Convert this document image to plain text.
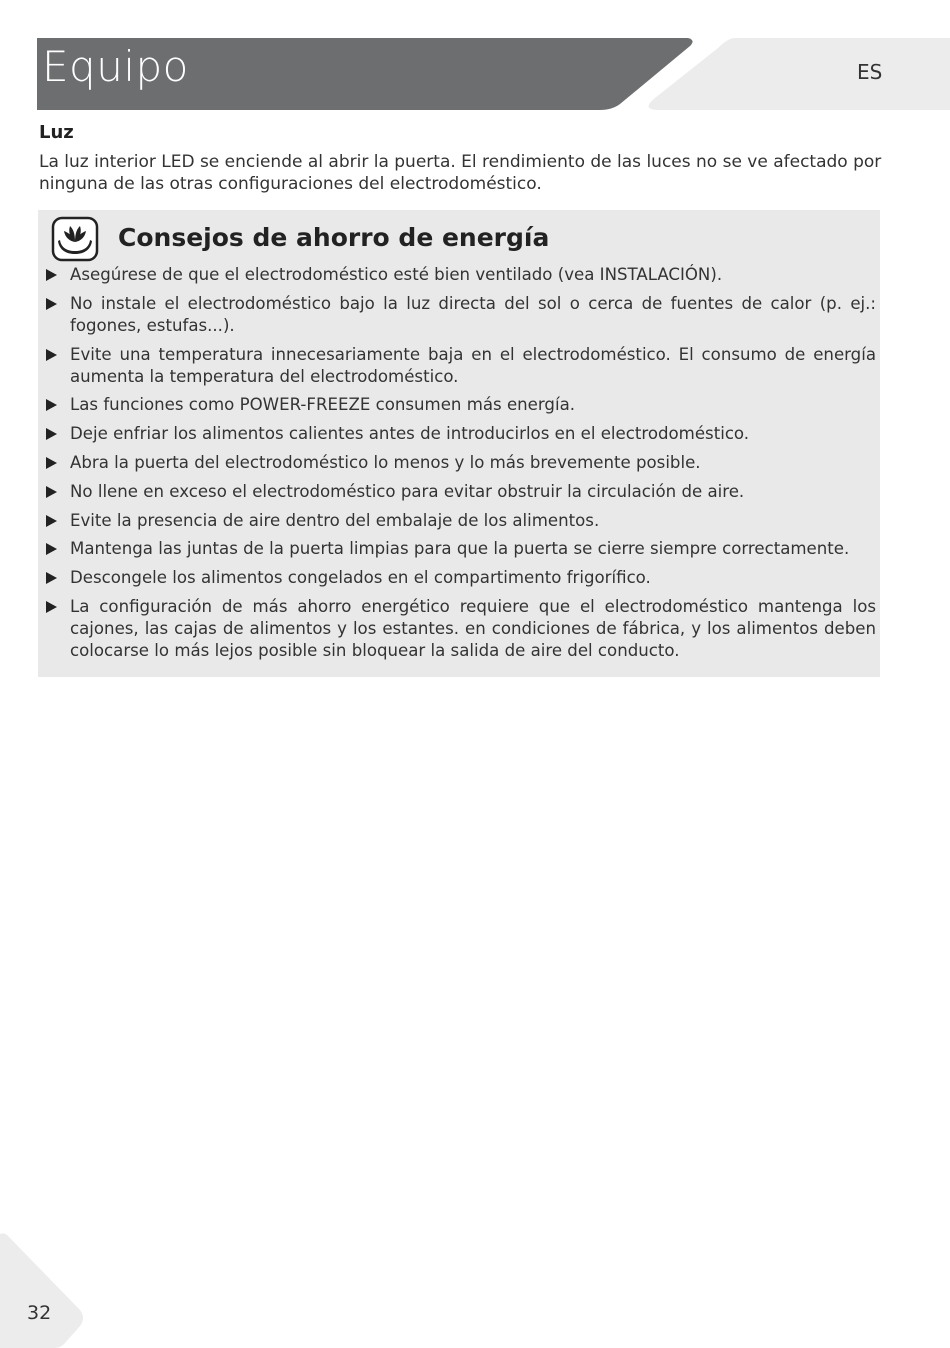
Equipo	ES
Luz

La luz interior LED se enciende al abrir la puerta. El rendimiento de las luces no se ve afectado por ninguna de las otras configuraciones del electrodoméstico.

Consejos de ahorro de energía
Asegúrese de que el electrodoméstico esté bien ventilado (vea INSTALACIÓN).
No instale el electrodoméstico bajo la luz directa del sol o cerca de fuentes de calor (p. ej.: fogones, estufas...).
Evite una temperatura innecesariamente baja en el electrodoméstico. El consumo de energía aumenta la temperatura del electrodoméstico.
Las funciones como POWER-FREEZE consumen más energía.
Deje enfriar los alimentos calientes antes de introducirlos en el electrodoméstico.
Abra la puerta del electrodoméstico lo menos y lo más brevemente posible.
No llene en exceso el electrodoméstico para evitar obstruir la circulación de aire.
Evite la presencia de aire dentro del embalaje de los alimentos.
Mantenga las juntas de la puerta limpias para que la puerta se cierre siempre correctamente.
Descongele los alimentos congelados en el compartimento frigorífico.
La configuración de más ahorro energético requiere que el electrodoméstico mantenga los cajones, las cajas de alimentos y los estantes. en condiciones de fábrica, y los alimentos deben colocarse lo más lejos posible sin bloquear la salida de aire del conducto.
32
